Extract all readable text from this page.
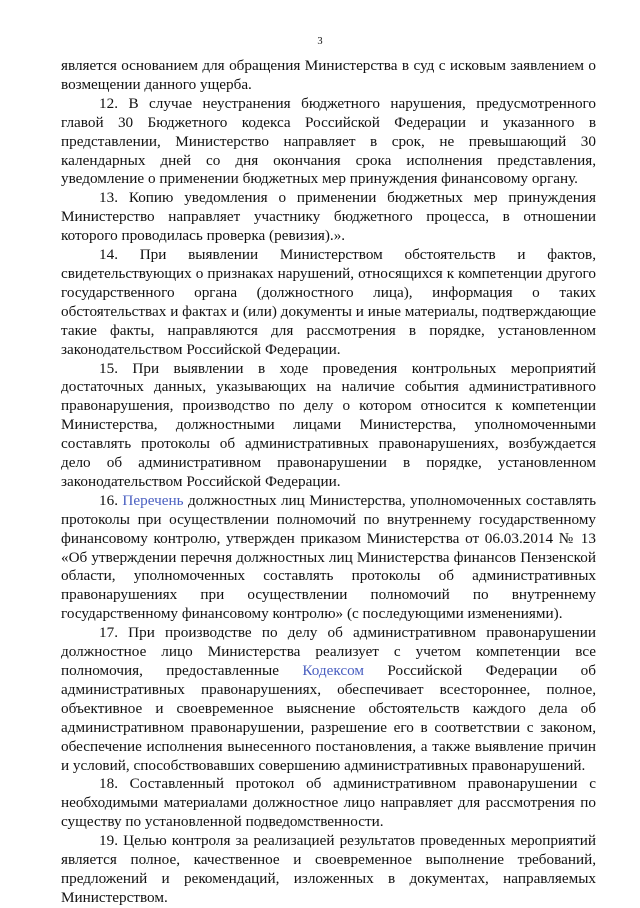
3

является основанием для обращения Министерства в суд с исковым заявлением о возмещении данного ущерба.

12. В случае неустранения бюджетного нарушения, предусмотренного главой 30 Бюджетного кодекса Российской Федерации и указанного в представлении, Министерство направляет в срок, не превышающий 30 календарных дней со дня окончания срока исполнения представления, уведомление о применении бюджетных мер принуждения финансовому органу.

13. Копию уведомления о применении бюджетных мер принуждения Министерство направляет участнику бюджетного процесса, в отношении которого проводилась проверка (ревизия).».

14. При выявлении Министерством обстоятельств и фактов, свидетельствующих о признаках нарушений, относящихся к компетенции другого государственного органа (должностного лица), информация о таких обстоятельствах и фактах и (или) документы и иные материалы, подтверждающие такие факты, направляются для рассмотрения в порядке, установленном законодательством Российской Федерации.

15. При выявлении в ходе проведения контрольных мероприятий достаточных данных, указывающих на наличие события административного правонарушения, производство по делу о котором относится к компетенции Министерства, должностными лицами Министерства, уполномоченными составлять протоколы об административных правонарушениях, возбуждается дело об административном правонарушении в порядке, установленном законодательством Российской Федерации.

16. Перечень должностных лиц Министерства, уполномоченных составлять протоколы при осуществлении полномочий по внутреннему государственному финансовому контролю, утвержден приказом Министерства от 06.03.2014 № 13 «Об утверждении перечня должностных лиц Министерства финансов Пензенской области, уполномоченных составлять протоколы об административных правонарушениях при осуществлении полномочий по внутреннему государственному финансовому контролю» (с последующими изменениями).

17. При производстве по делу об административном правонарушении должностное лицо Министерства реализует с учетом компетенции все полномочия, предоставленные Кодексом Российской Федерации об административных правонарушениях, обеспечивает всестороннее, полное, объективное и своевременное выяснение обстоятельств каждого дела об административном правонарушении, разрешение его в соответствии с законом, обеспечение исполнения вынесенного постановления, а также выявление причин и условий, способствовавших совершению административных правонарушений.

18. Составленный протокол об административном правонарушении с необходимыми материалами должностное лицо направляет для рассмотрения по существу по установленной подведомственности.

19. Целью контроля за реализацией результатов проведенных мероприятий является полное, качественное и своевременное выполнение требований, предложений и рекомендаций, изложенных в документах, направляемых Министерством.
